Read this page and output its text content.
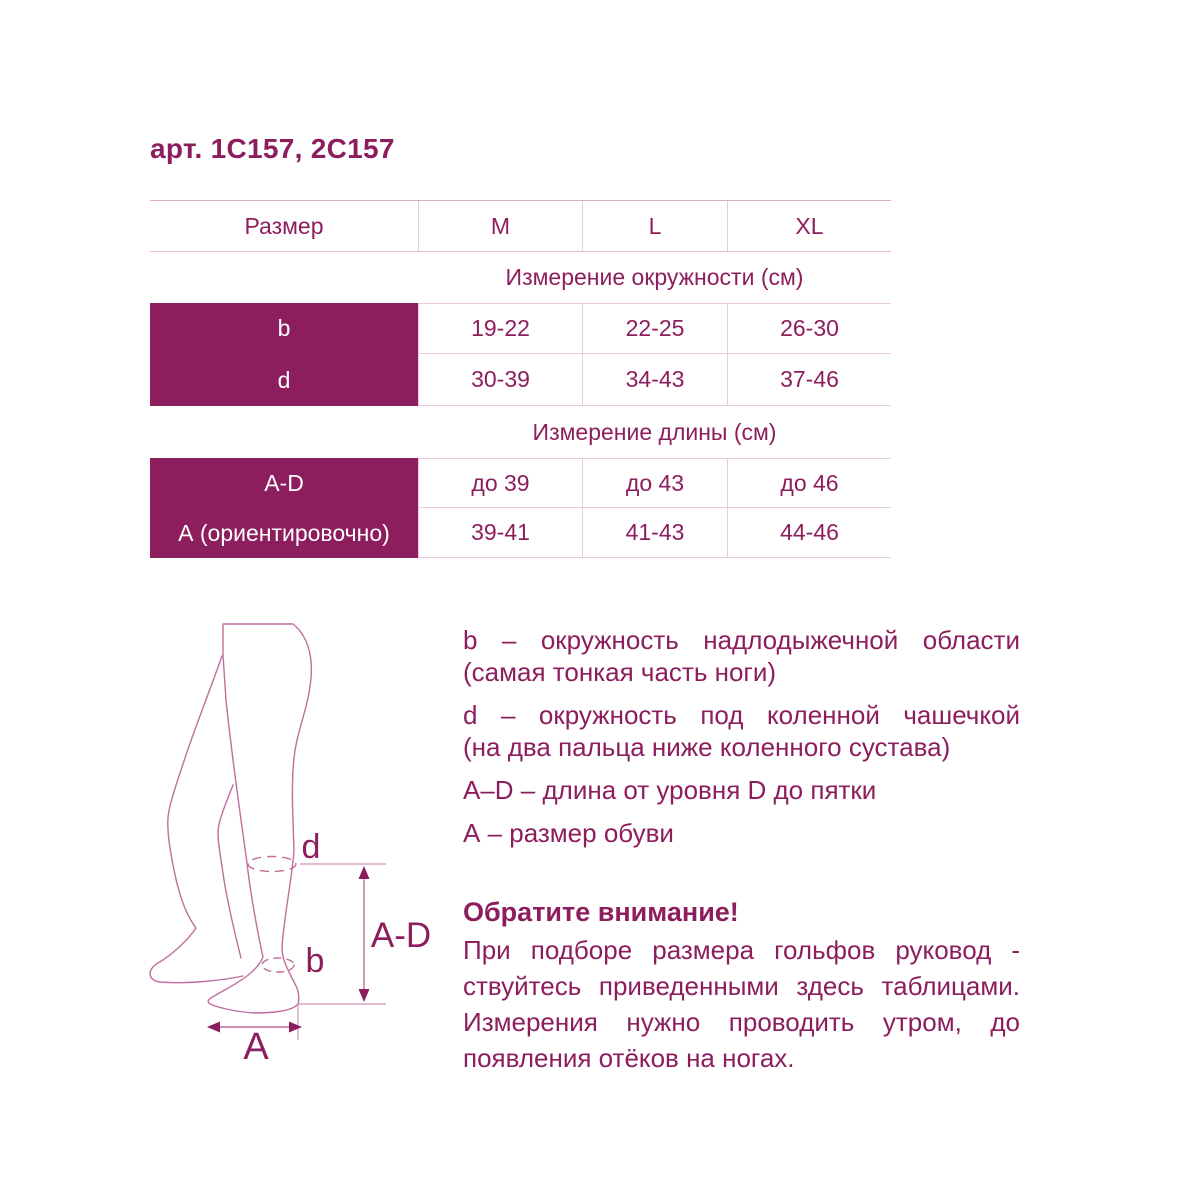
арт. 1С157, 2С157
Размер	M	L	XL
Измерение окружности (см)
b	19-22	22-25	26-30
d	30-39	34-43	37-46
Измерение длины (см)
A-D	до 39	до 43	до 46
А (ориентировочно)	39-41	41-43	44-46
d
b
A-D
A
b – окружность надлодыжечной области
(самая тонкая часть ноги)
d – окружность под коленной чашечкой
(на два пальца ниже коленного сустава)
A–D – длина от уровня D до пятки
А – размер обуви
Обратите внимание!
При подборе размера гольфов руковод -
ствуйтесь приведенными здесь таблицами.
Измерения нужно проводить утром, до
появления отёков на ногах.
